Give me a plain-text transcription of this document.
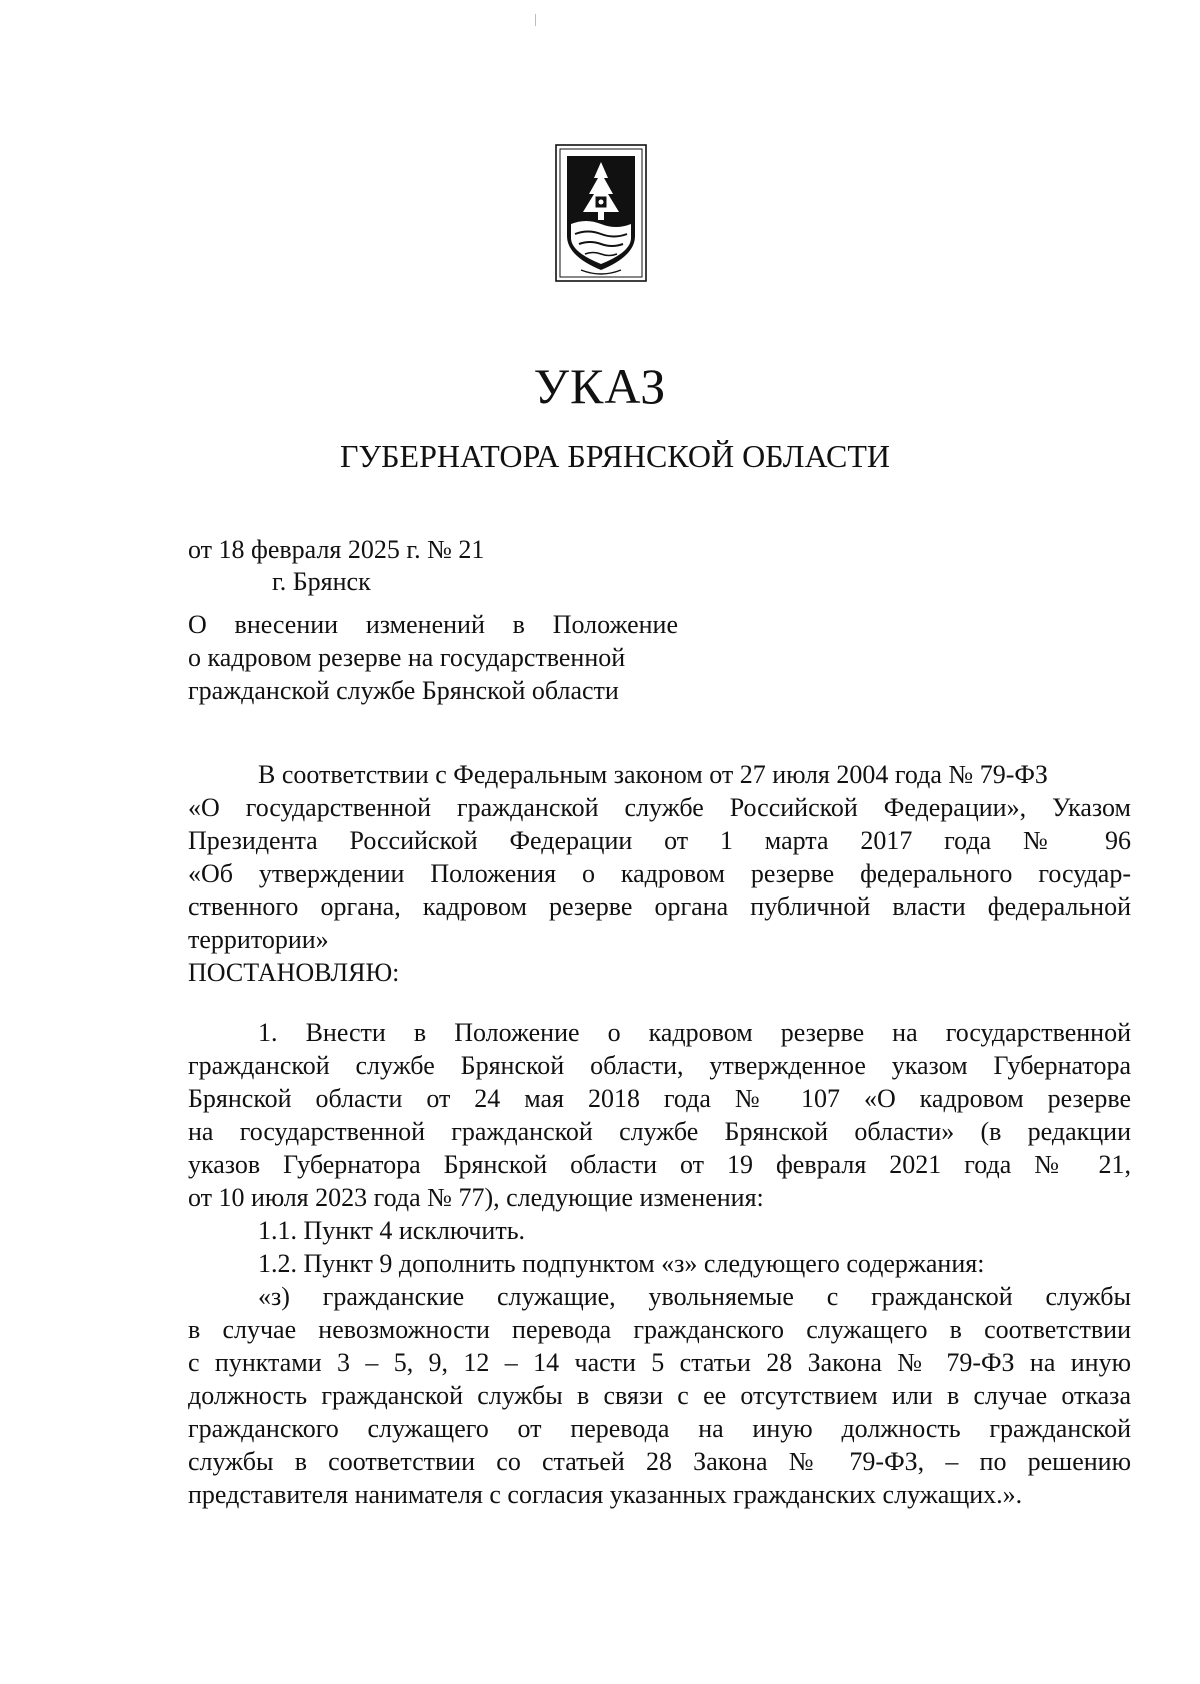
УКАЗ
ГУБЕРНАТОРА БРЯНСКОЙ ОБЛАСТИ
от 18 февраля 2025 г. № 21
г. Брянск
О внесении изменений в Положение
о кадровом резерве на государственной
гражданской службе Брянской области
В соответствии с Федеральным законом от 27 июля 2004 года № 79-ФЗ
«О государственной гражданской службе Российской Федерации», Указом
Президента Российской Федерации от 1 марта 2017 года № 96
«Об утверждении Положения о кадровом резерве федерального государ-
ственного органа, кадровом резерве органа публичной власти федеральной
территории»
ПОСТАНОВЛЯЮ:
1. Внести в Положение о кадровом резерве на государственной
гражданской службе Брянской области, утвержденное указом Губернатора
Брянской области от 24 мая 2018 года № 107 «О кадровом резерве
на государственной гражданской службе Брянской области» (в редакции
указов Губернатора Брянской области от 19 февраля 2021 года № 21,
от 10 июля 2023 года № 77), следующие изменения:
1.1. Пункт 4 исключить.
1.2. Пункт 9 дополнить подпунктом «з» следующего содержания:
«з) гражданские служащие, увольняемые с гражданской службы
в случае невозможности перевода гражданского служащего в соответствии
с пунктами 3 – 5, 9, 12 – 14 части 5 статьи 28 Закона № 79-ФЗ на иную
должность гражданской службы в связи с ее отсутствием или в случае отказа
гражданского служащего от перевода на иную должность гражданской
службы в соответствии со статьей 28 Закона № 79-ФЗ, – по решению
представителя нанимателя с согласия указанных гражданских служащих.».
